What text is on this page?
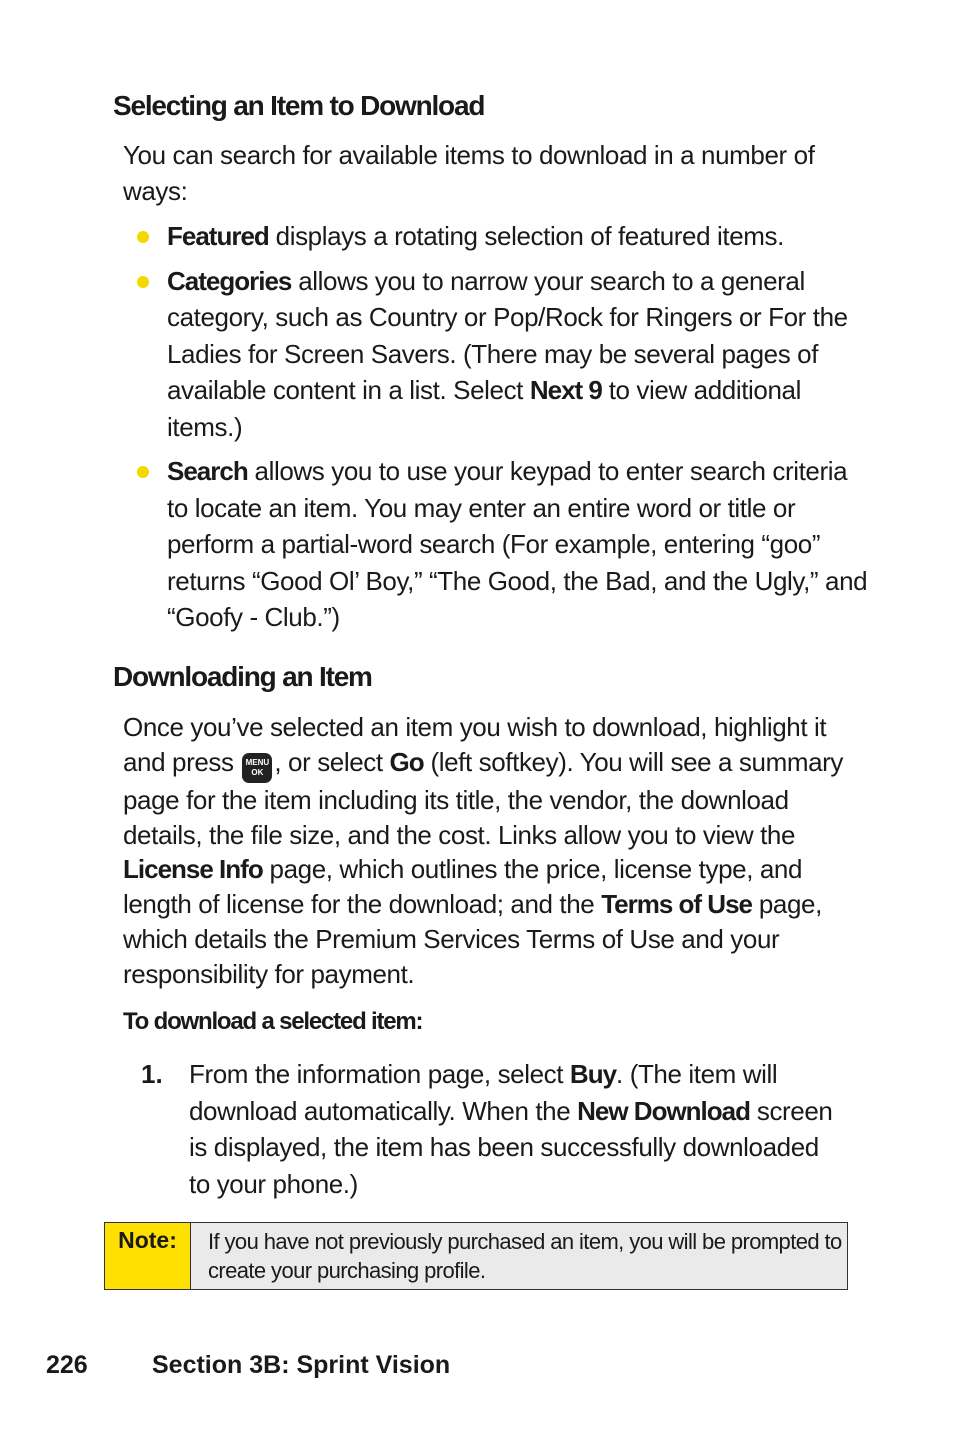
Selecting an Item to Download

You can search for available items to download in a number of ways:

Featured displays a rotating selection of featured items.
Categories allows you to narrow your search to a general category, such as Country or Pop/Rock for Ringers or For the Ladies for Screen Savers. (There may be several pages of available content in a list. Select Next 9 to view additional items.)
Search allows you to use your keypad to enter search criteria to locate an item. You may enter an entire word or title or perform a partial-word search (For example, entering “goo” returns “Good Ol’ Boy,” “The Good, the Bad, and the Ugly,” and “Goofy - Club.”)
Downloading an Item

Once you’ve selected an item you wish to download, highlight it and press MENU
OK , or select Go (left softkey). You will see a summary page for the item including its title, the vendor, the download details, the file size, and the cost. Links allow you to view the License Info page, which outlines the price, license type, and length of license for the download; and the Terms of Use page, which details the Premium Services Terms of Use and your responsibility for payment.

To download a selected item:
1. From the information page, select Buy. (The item will download automatically. When the New Download screen is displayed, the item has been successfully downloaded to your phone.)
Note:	If you have not previously purchased an item, you will be prompted to create your purchasing profile.
226	Section 3B: Sprint Vision
